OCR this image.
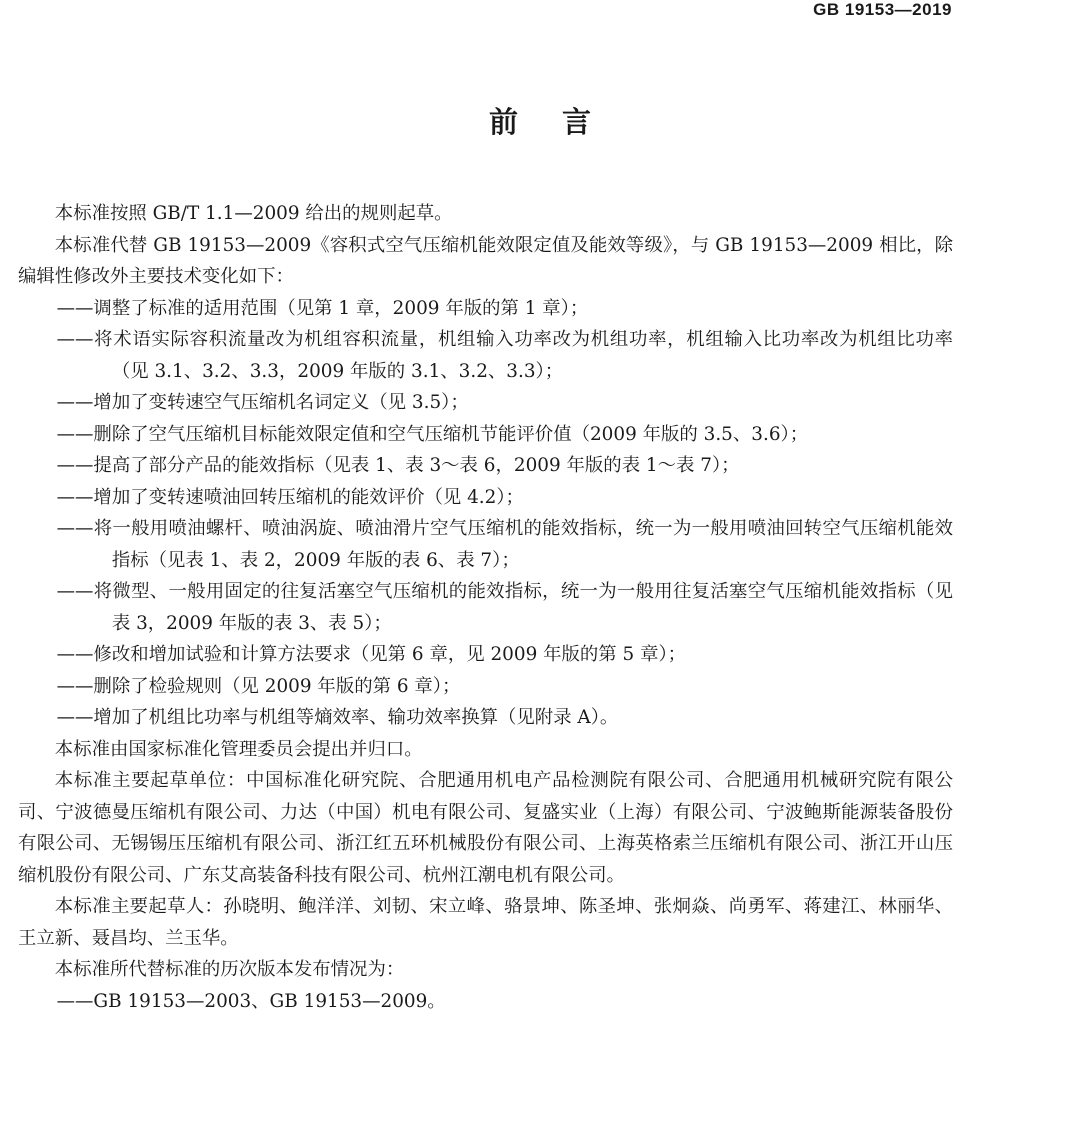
GB 19153—2019
前言

本标准按照 GB/T 1.1—2009 给出的规则起草。

本标准代替 GB 19153—2009《容积式空气压缩机能效限定值及能效等级》，与 GB 19153—2009 相比，除编辑性修改外主要技术变化如下：

——调整了标准的适用范围（见第 1 章，2009 年版的第 1 章）；

——将术语实际容积流量改为机组容积流量，机组输入功率改为机组功率，机组输入比功率改为机组比功率（见 3.1、3.2、3.3，2009 年版的 3.1、3.2、3.3）；

——增加了变转速空气压缩机名词定义（见 3.5）；

——删除了空气压缩机目标能效限定值和空气压缩机节能评价值（2009 年版的 3.5、3.6）；

——提高了部分产品的能效指标（见表 1、表 3～表 6，2009 年版的表 1～表 7）；

——增加了变转速喷油回转压缩机的能效评价（见 4.2）；

——将一般用喷油螺杆、喷油涡旋、喷油滑片空气压缩机的能效指标，统一为一般用喷油回转空气压缩机能效指标（见表 1、表 2，2009 年版的表 6、表 7）；

——将微型、一般用固定的往复活塞空气压缩机的能效指标，统一为一般用往复活塞空气压缩机能效指标（见表 3，2009 年版的表 3、表 5）；

——修改和增加试验和计算方法要求（见第 6 章，见 2009 年版的第 5 章）；

——删除了检验规则（见 2009 年版的第 6 章）；

——增加了机组比功率与机组等熵效率、输功效率换算（见附录 A）。

本标准由国家标准化管理委员会提出并归口。

本标准主要起草单位：中国标准化研究院、合肥通用机电产品检测院有限公司、合肥通用机械研究院有限公司、宁波德曼压缩机有限公司、力达（中国）机电有限公司、复盛实业（上海）有限公司、宁波鲍斯能源装备股份有限公司、无锡锡压压缩机有限公司、浙江红五环机械股份有限公司、上海英格索兰压缩机有限公司、浙江开山压缩机股份有限公司、广东艾高装备科技有限公司、杭州江潮电机有限公司。

本标准主要起草人：孙晓明、鲍洋洋、刘韧、宋立峰、骆景坤、陈圣坤、张炯焱、尚勇军、蒋建江、林丽华、王立新、聂昌均、兰玉华。

本标准所代替标准的历次版本发布情况为：

——GB 19153—2003、GB 19153—2009。
